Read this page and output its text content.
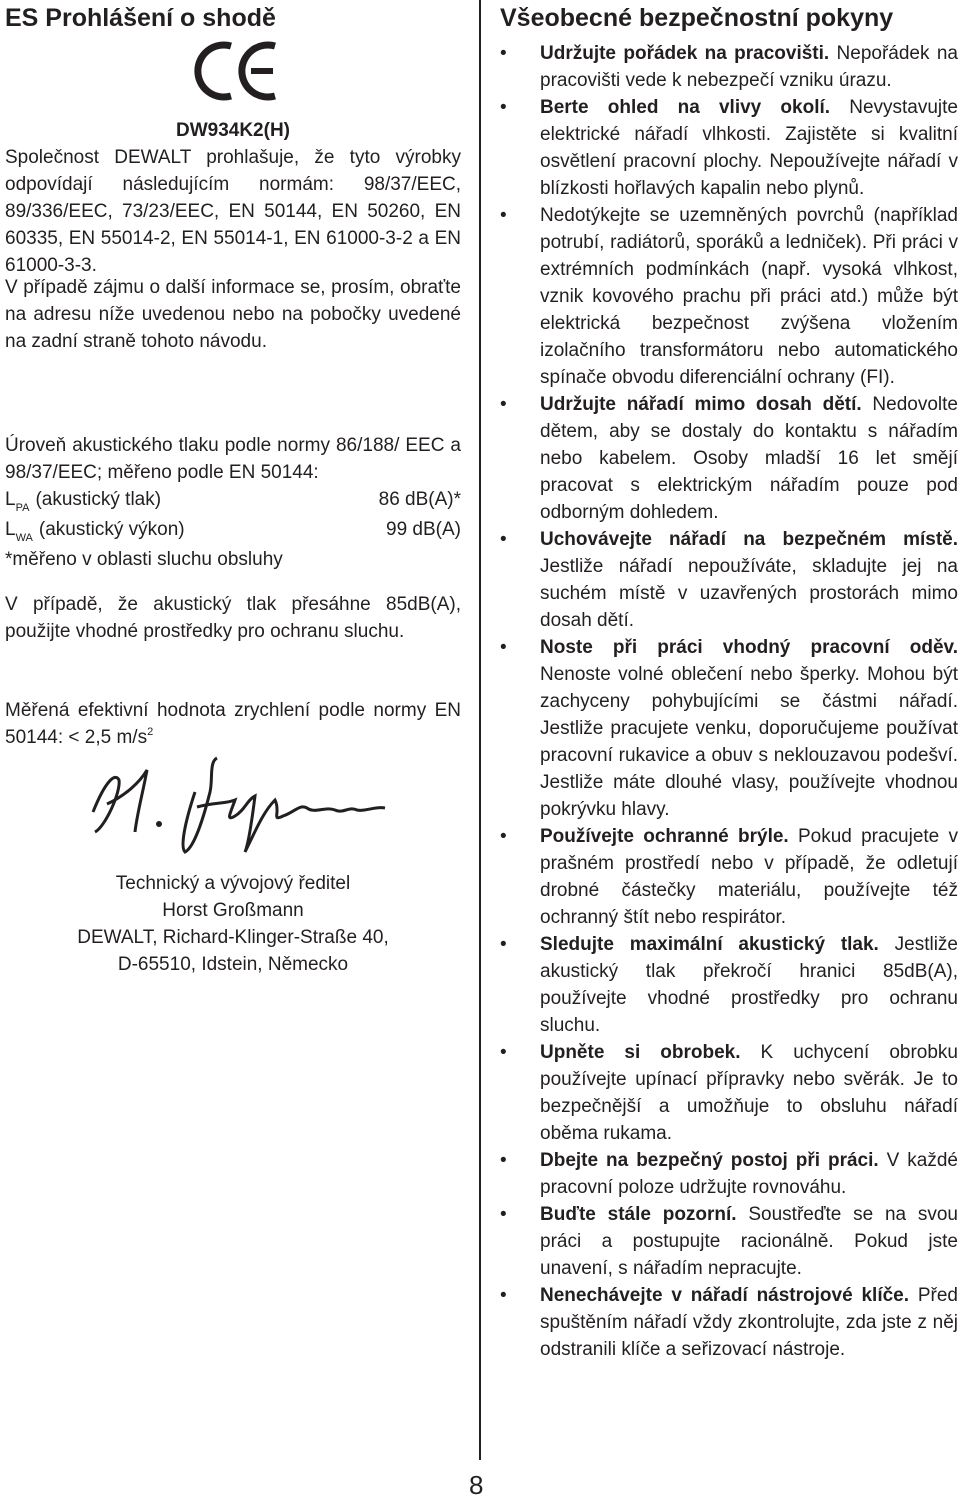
ES Prohlášení o shodě
DW934K2(H)

Společnost DEWALT prohlašuje, že tyto výrobky odpovídají následujícím normám: 98/37/EEC, 89/336/EEC, 73/23/EEC, EN 50144, EN 50260, EN 60335, EN 55014-2, EN 55014-1, EN 61000-3-2 a EN 61000-3-3.

V případě zájmu o další informace se, prosím, obraťte na adresu níže uvedenou nebo na pobočky uvedené na zadní straně tohoto návodu.

Úroveň akustického tlaku podle normy 86/188/ EEC a 98/37/EEC; měřeno podle EN 50144:

$L_{PA}$ (akustický tlak)	86 dB(A)*
$L_{WA}$ (akustický výkon)	99 dB(A)

*měřeno v oblasti sluchu obsluhy

V případě, že akustický tlak přesáhne 85dB(A), použijte vhodné prostředky pro ochranu sluchu.

Měřená efektivní hodnota zrychlení podle normy EN 50144: < 2,5 $m/s^2$

Technický a vývojový ředitel

Horst Großmann

DEWALT, Richard-Klinger-Straße 40,

D-65510, Idstein, Německo

Všeobecné bezpečnostní pokyny
• Udržujte pořádek na pracovišti. Nepořádek na pracovišti vede k nebezpečí vzniku úrazu.
• Berte ohled na vlivy okolí. Nevystavujte elektrické nářadí vlhkosti. Zajistěte si kvalitní osvětlení pracovní plochy. Nepoužívejte nářadí v blízkosti hořlavých kapalin nebo plynů.
• Nedotýkejte se uzemněných povrchů (například potrubí, radiátorů, sporáků a ledniček). Při práci v extrémních podmínkách (např. vysoká vlhkost, vznik kovového prachu při práci atd.) může být elektrická bezpečnost zvýšena vložením izolačního transformátoru nebo automatického spínače obvodu diferenciální ochrany (FI).
• Udržujte nářadí mimo dosah dětí. Nedovolte dětem, aby se dostaly do kontaktu s nářadím nebo kabelem. Osoby mladší 16 let smějí pracovat s elektrickým nářadím pouze pod odborným dohledem.
• Uchovávejte nářadí na bezpečném místě. Jestliže nářadí nepoužíváte, skladujte jej na suchém místě v uzavřených prostorách mimo dosah dětí.
• Noste při práci vhodný pracovní oděv. Nenoste volné oblečení nebo šperky. Mohou být zachyceny pohybujícími se částmi nářadí. Jestliže pracujete venku, doporučujeme používat pracovní rukavice a obuv s neklouzavou podešví. Jestliže máte dlouhé vlasy, používejte vhodnou pokrývku hlavy.
• Používejte ochranné brýle. Pokud pracujete v prašném prostředí nebo v případě, že odletují drobné částečky materiálu, používejte též ochranný štít nebo respirátor.
• Sledujte maximální akustický tlak. Jestliže akustický tlak překročí hranici 85dB(A), používejte vhodné prostředky pro ochranu sluchu.
• Upněte si obrobek. K uchycení obrobku používejte upínací přípravky nebo svěrák. Je to bezpečnější a umožňuje to obsluhu nářadí oběma rukama.
• Dbejte na bezpečný postoj při práci. V každé pracovní poloze udržujte rovnováhu.
• Buďte stále pozorní. Soustřeďte se na svou práci a postupujte racionálně. Pokud jste unavení, s nářadím nepracujte.
• Nenechávejte v nářadí nástrojové klíče. Před spuštěním nářadí vždy zkontrolujte, zda jste z něj odstranili klíče a seřizovací nástroje.
8
